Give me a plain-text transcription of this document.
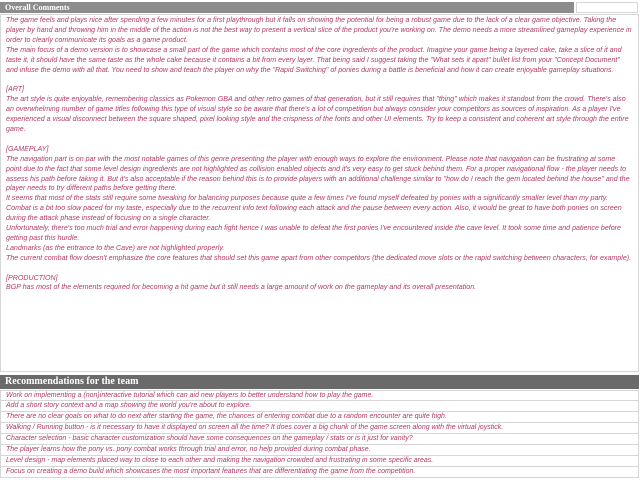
Overall Comments

The game feels and plays nice after spending a few minutes for a first playthrough but it falls on showing the potential for being a robust game due to the lack of a clear game objective. Taking the player by hand and throwing him in the middle of the action is not the best way to present a vertical slice of the product you're working on. The demo needs a more streamlined gameplay experience in order to clearly communicate its goals as a game product.

The main focus of a demo version is to showcase a small part of the game which contains most of the core ingredients of the product. Imagine your game being a layered cake, take a slice of it and taste it, it should have the same taste as the whole cake because it contains a bit from every layer. That being said I suggest taking the "What sets it apart" bullet list from your "Concept Document" and infuse the demo with all that. You need to show and teach the player on why the "Rapid Switching" of ponies during a battle is beneficial and how it can create enjoyable gameplay situations.

[ART]

The art style is quite enjoyable, remembering classics as Pokemon GBA and other retro games of that generation, but it still requires that "thing" which makes it standout from the crowd. There's also an overwhelming number of game titles following this type of visual style so be aware that there's a lot of competition but always consider your competitors as sources of inspiration. As a player I've experienced a visual disconnect between the square shaped, pixel looking style and the crispness of the fonts and other UI elements. Try to keep a consistent and coherent art style through the entire game.

[GAMEPLAY]

The navigation part is on par with the most notable games of this genre presenting the player with enough ways to explore the environment. Please note that navigation can be frustrating at some point due to the fact that some level design ingredients are not highlighted as collision enabled objects and it's very easy to get stuck behind them. For a proper navigational flow - the player needs to assess his path before taking it. But it's also acceptable if the reason behind this is to provide players with an additional challenge similar to "how do I reach the gem located behind the house" and the player needs to try different paths before getting there.

It seems that most of the stats still require some tweaking for balancing purposes because quite a few times I've found myself defeated by ponies with a significantly smaller level than my party.

Combat is a bit too slow paced for my taste, especially due to the recurrent info text following each attack and the pause between every action. Also, it would be great to have both ponies on screen during the attack phase instead of focusing on a single character.

Unfortunately, there's too much trial and error happening during each fight hence I was unable to defeat the first ponies I've encountered inside the cave level. It took some time and patience before getting past this hurdle.

Landmarks (as the entrance to the Cave) are not highlighted properly.

The current combat flow doesn't emphasize the core features that should set this game apart from other competitors (the dedicated move slots or the rapid switching between characters, for example).

[PRODUCTION]

BGP has most of the elements required for becoming a hit game but it still needs a large amount of work on the gameplay and its overall presentation.

Recommendations for the team
Work on implementing a (non)interactive tutorial which can aid new players to better understand how to play the game.
Add a short story context and a map showing the world you're about to explore.
There are no clear goals on what to do next after starting the game, the chances of entering combat due to a random encounter are quite high.
Walking / Running button - is it necessary to have it displayed on screen all the time? It does cover a big chunk of the game screen along with the virtual joystick.
Character selection - basic character customization should have some consequences on the gameplay / stats or is it just for vanity?
The player learns how the pony vs. pony combat works through trial and error, no help provided during combat phase.
Level design - map elements placed way to close to each other and making the navigation crowded and frustrating in some specific areas.
Focus on creating a demo build which showcases the most important features that are differentiating the game from the competition.
